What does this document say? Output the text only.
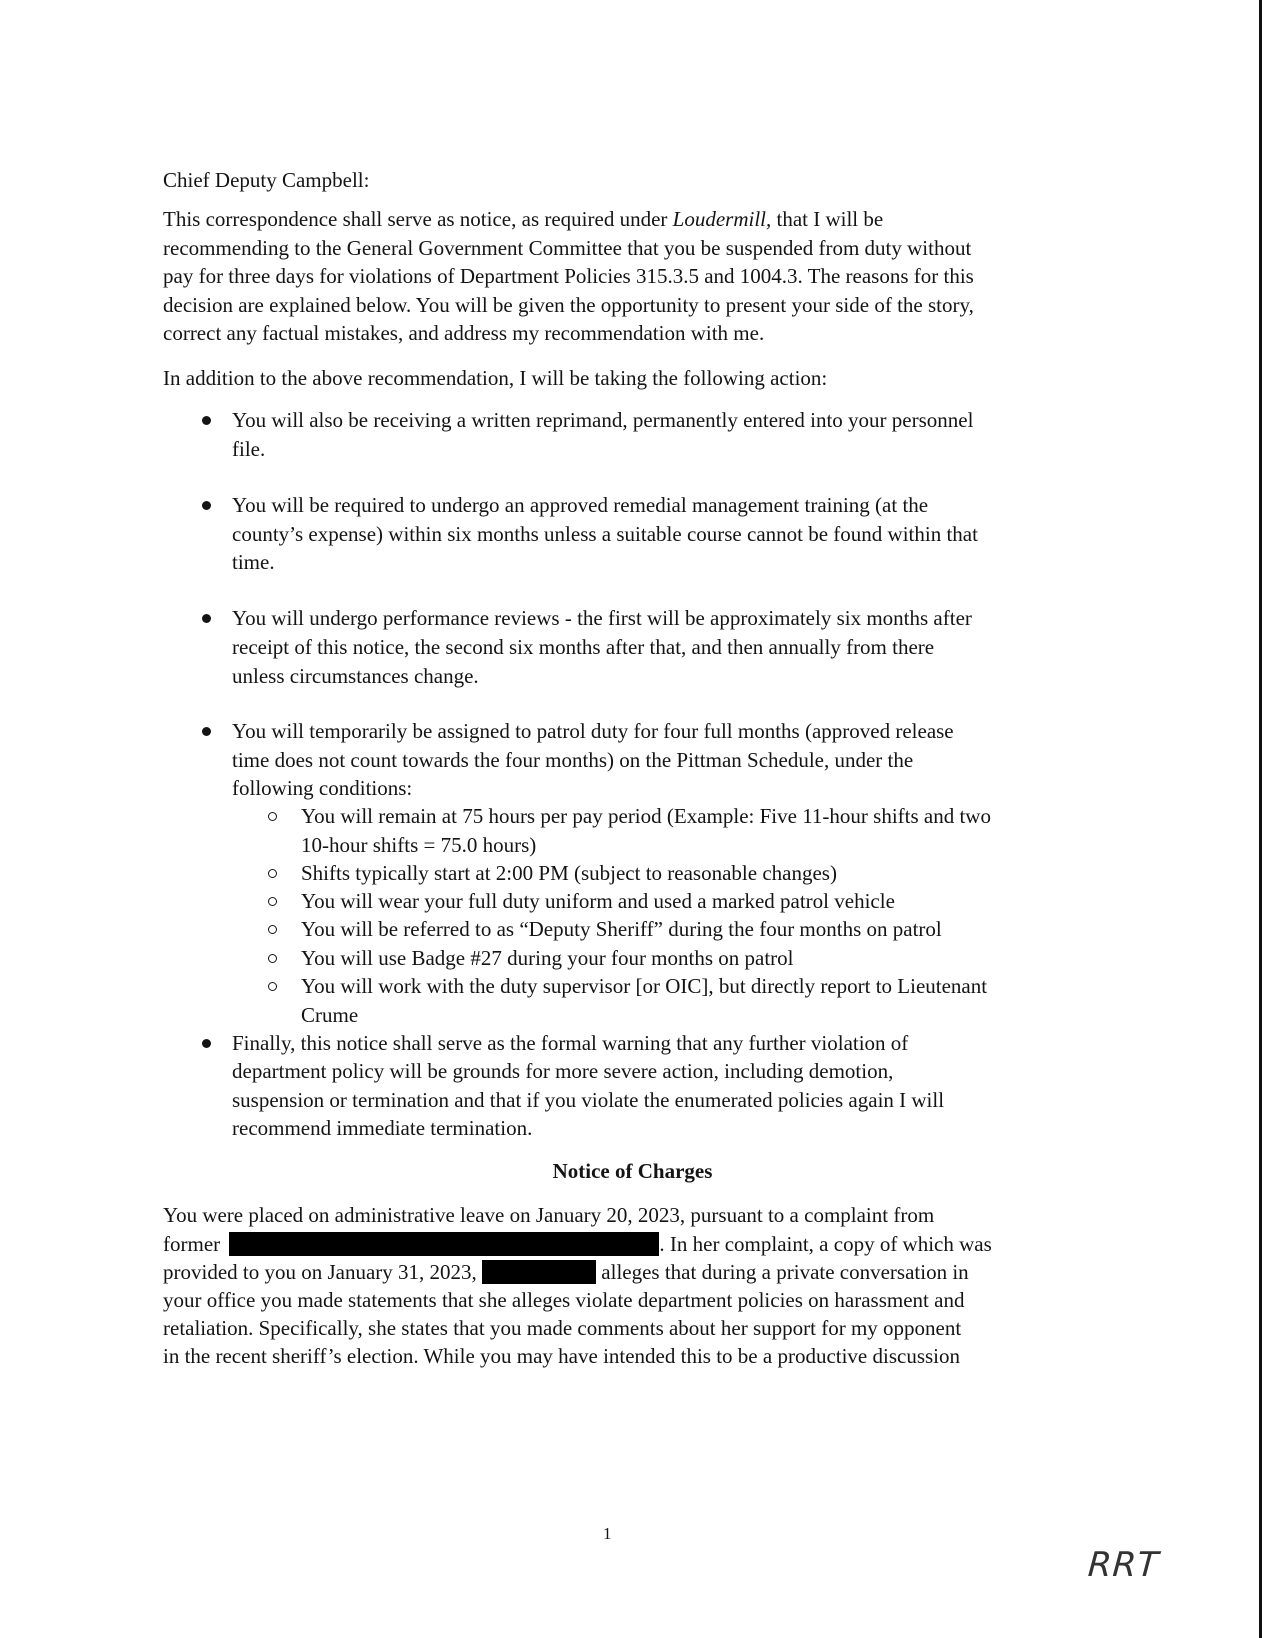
Chief Deputy Campbell:
This correspondence shall serve as notice, as required under Loudermill, that I will be
recommending to the General Government Committee that you be suspended from duty without
pay for three days for violations of Department Policies 315.3.5 and 1004.3. The reasons for this
decision are explained below. You will be given the opportunity to present your side of the story,
correct any factual mistakes, and address my recommendation with me.
In addition to the above recommendation, I will be taking the following action:
You will also be receiving a written reprimand, permanently entered into your personnel
file.
You will be required to undergo an approved remedial management training (at the
county’s expense) within six months unless a suitable course cannot be found within that
time.
You will undergo performance reviews - the first will be approximately six months after
receipt of this notice, the second six months after that, and then annually from there
unless circumstances change.
You will temporarily be assigned to patrol duty for four full months (approved release
time does not count towards the four months) on the Pittman Schedule, under the
following conditions:
You will remain at 75 hours per pay period (Example: Five 11-hour shifts and two
10-hour shifts = 75.0 hours)
Shifts typically start at 2:00 PM (subject to reasonable changes)
You will wear your full duty uniform and used a marked patrol vehicle
You will be referred to as “Deputy Sheriff” during the four months on patrol
You will use Badge #27 during your four months on patrol
You will work with the duty supervisor [or OIC], but directly report to Lieutenant
Crume
Finally, this notice shall serve as the formal warning that any further violation of
department policy will be grounds for more severe action, including demotion,
suspension or termination and that if you violate the enumerated policies again I will
recommend immediate termination.
Notice of Charges
You were placed on administrative leave on January 20, 2023, pursuant to a complaint from
former	. In her complaint, a copy of which was
provided to you on January 31, 2023,	alleges that during a private conversation in
your office you made statements that she alleges violate department policies on harassment and
retaliation. Specifically, she states that you made comments about her support for my opponent
in the recent sheriff’s election. While you may have intended this to be a productive discussion
1
RRT
